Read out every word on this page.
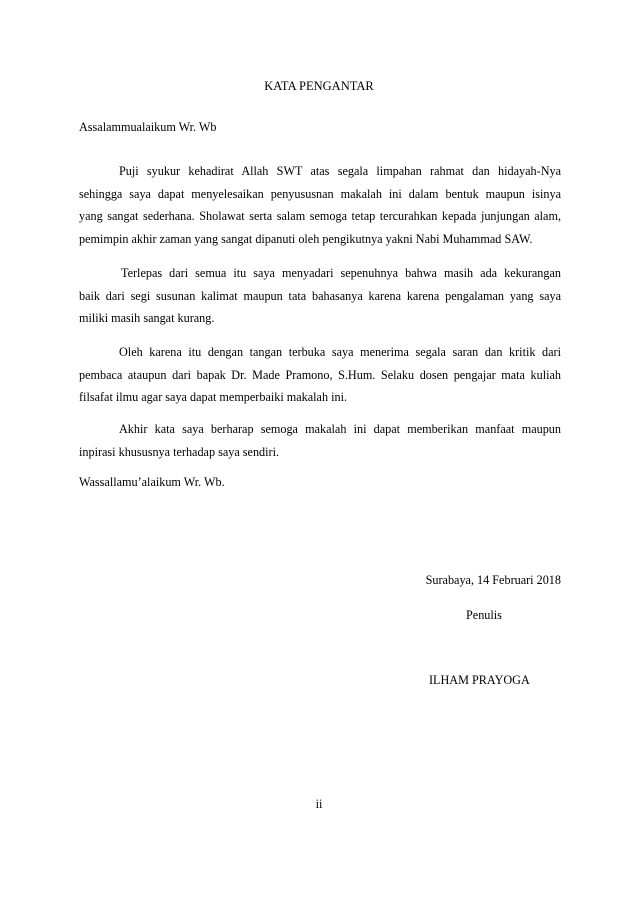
KATA PENGANTAR
Assalammualaikum Wr. Wb
Puji syukur kehadirat Allah SWT atas segala limpahan rahmat dan hidayah-Nya
sehingga saya dapat menyelesaikan penyususnan makalah ini dalam bentuk maupun isinya
yang sangat sederhana. Sholawat serta salam semoga tetap tercurahkan kepada junjungan alam,
pemimpin akhir zaman yang sangat dipanuti oleh pengikutnya yakni Nabi Muhammad SAW.
Terlepas dari semua itu saya menyadari sepenuhnya bahwa masih ada kekurangan
baik dari segi susunan kalimat maupun tata bahasanya karena karena pengalaman yang saya
miliki masih sangat kurang.
Oleh karena itu dengan tangan terbuka saya menerima segala saran dan kritik dari
pembaca ataupun dari bapak Dr. Made Pramono, S.Hum. Selaku dosen pengajar mata kuliah
filsafat ilmu agar saya dapat memperbaiki makalah ini.
Akhir kata saya berharap semoga makalah ini dapat memberikan manfaat maupun
inpirasi khususnya terhadap saya sendiri.
Wassallamu’alaikum Wr. Wb.
Surabaya, 14 Februari 2018
Penulis
ILHAM PRAYOGA
ii
